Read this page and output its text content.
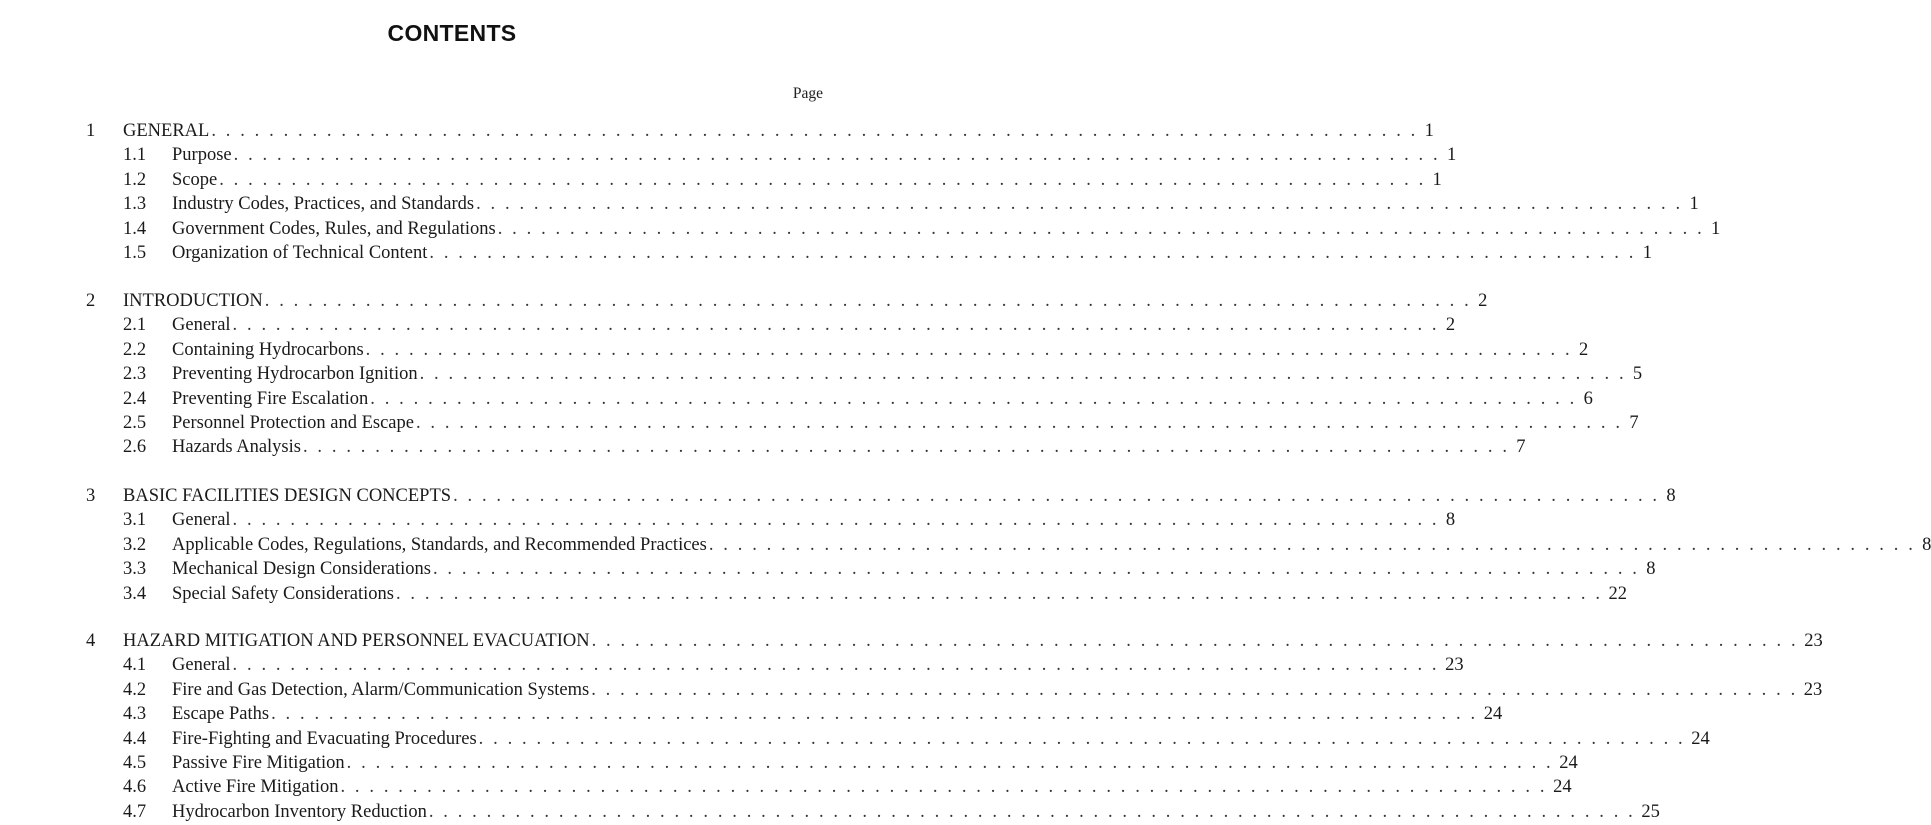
CONTENTS
Page
1 GENERAL . . . . . . . . . . . . . . . . . . . . . . . . . . . . . . . . . . . . . . . . . . . . . . . . . . . . . . . . . . . . . . . . . . . . . . . . . . . . . . . . . . . . 1
1.1 Purpose . . . . . . . . . . . . . . . . . . . . . . . . . . . . . . . . . . . . . . . . . . . . . . . . . . . . . . . . . . . . . . . . . . . . . . . . . . . . . . . . . . . . 1
1.2 Scope . . . . . . . . . . . . . . . . . . . . . . . . . . . . . . . . . . . . . . . . . . . . . . . . . . . . . . . . . . . . . . . . . . . . . . . . . . . . . . . . . . . . 1
1.3 Industry Codes, Practices, and Standards . . . . . . . . . . . . . . . . . . . . . . . . . . . . . . . . . . . . . . . . . . . . . . . . . . . . . . . . . . . . . . . . . . . . . . . . . . . . . . . . . . . . 1
1.4 Government Codes, Rules, and Regulations . . . . . . . . . . . . . . . . . . . . . . . . . . . . . . . . . . . . . . . . . . . . . . . . . . . . . . . . . . . . . . . . . . . . . . . . . . . . . . . . . . . . 1
1.5 Organization of Technical Content . . . . . . . . . . . . . . . . . . . . . . . . . . . . . . . . . . . . . . . . . . . . . . . . . . . . . . . . . . . . . . . . . . . . . . . . . . . . . . . . . . . . 1
2 INTRODUCTION . . . . . . . . . . . . . . . . . . . . . . . . . . . . . . . . . . . . . . . . . . . . . . . . . . . . . . . . . . . . . . . . . . . . . . . . . . . . . . . . . . . . 2
2.1 General . . . . . . . . . . . . . . . . . . . . . . . . . . . . . . . . . . . . . . . . . . . . . . . . . . . . . . . . . . . . . . . . . . . . . . . . . . . . . . . . . . . . 2
2.2 Containing Hydrocarbons . . . . . . . . . . . . . . . . . . . . . . . . . . . . . . . . . . . . . . . . . . . . . . . . . . . . . . . . . . . . . . . . . . . . . . . . . . . . . . . . . . . . 2
2.3 Preventing Hydrocarbon Ignition . . . . . . . . . . . . . . . . . . . . . . . . . . . . . . . . . . . . . . . . . . . . . . . . . . . . . . . . . . . . . . . . . . . . . . . . . . . . . . . . . . . . 5
2.4 Preventing Fire Escalation . . . . . . . . . . . . . . . . . . . . . . . . . . . . . . . . . . . . . . . . . . . . . . . . . . . . . . . . . . . . . . . . . . . . . . . . . . . . . . . . . . . . 6
2.5 Personnel Protection and Escape . . . . . . . . . . . . . . . . . . . . . . . . . . . . . . . . . . . . . . . . . . . . . . . . . . . . . . . . . . . . . . . . . . . . . . . . . . . . . . . . . . . . 7
2.6 Hazards Analysis . . . . . . . . . . . . . . . . . . . . . . . . . . . . . . . . . . . . . . . . . . . . . . . . . . . . . . . . . . . . . . . . . . . . . . . . . . . . . . . . . . . . 7
3 BASIC FACILITIES DESIGN CONCEPTS . . . . . . . . . . . . . . . . . . . . . . . . . . . . . . . . . . . . . . . . . . . . . . . . . . . . . . . . . . . . . . . . . . . . . . . . . . . . . . . . . . . . 8
3.1 General . . . . . . . . . . . . . . . . . . . . . . . . . . . . . . . . . . . . . . . . . . . . . . . . . . . . . . . . . . . . . . . . . . . . . . . . . . . . . . . . . . . . 8
3.2 Applicable Codes, Regulations, Standards, and Recommended Practices . . . . . . . . . . . . . . . . . . . . . . . . . . . . . . . . . . . . . . . . . . . . . . . . . . . . . . . . . . . . . . . . . . . . . . . . . . . . . . . . . . . . 8
3.3 Mechanical Design Considerations . . . . . . . . . . . . . . . . . . . . . . . . . . . . . . . . . . . . . . . . . . . . . . . . . . . . . . . . . . . . . . . . . . . . . . . . . . . . . . . . . . . . 8
3.4 Special Safety Considerations . . . . . . . . . . . . . . . . . . . . . . . . . . . . . . . . . . . . . . . . . . . . . . . . . . . . . . . . . . . . . . . . . . . . . . . . . . . . . . . . . . . . 22
4 HAZARD MITIGATION AND PERSONNEL EVACUATION . . . . . . . . . . . . . . . . . . . . . . . . . . . . . . . . . . . . . . . . . . . . . . . . . . . . . . . . . . . . . . . . . . . . . . . . . . . . . . . . . . . . 23
4.1 General . . . . . . . . . . . . . . . . . . . . . . . . . . . . . . . . . . . . . . . . . . . . . . . . . . . . . . . . . . . . . . . . . . . . . . . . . . . . . . . . . . . . 23
4.2 Fire and Gas Detection, Alarm/Communication Systems . . . . . . . . . . . . . . . . . . . . . . . . . . . . . . . . . . . . . . . . . . . . . . . . . . . . . . . . . . . . . . . . . . . . . . . . . . . . . . . . . . . . 23
4.3 Escape Paths . . . . . . . . . . . . . . . . . . . . . . . . . . . . . . . . . . . . . . . . . . . . . . . . . . . . . . . . . . . . . . . . . . . . . . . . . . . . . . . . . . . . 24
4.4 Fire-Fighting and Evacuating Procedures . . . . . . . . . . . . . . . . . . . . . . . . . . . . . . . . . . . . . . . . . . . . . . . . . . . . . . . . . . . . . . . . . . . . . . . . . . . . . . . . . . . . 24
4.5 Passive Fire Mitigation . . . . . . . . . . . . . . . . . . . . . . . . . . . . . . . . . . . . . . . . . . . . . . . . . . . . . . . . . . . . . . . . . . . . . . . . . . . . . . . . . . . . 24
4.6 Active Fire Mitigation . . . . . . . . . . . . . . . . . . . . . . . . . . . . . . . . . . . . . . . . . . . . . . . . . . . . . . . . . . . . . . . . . . . . . . . . . . . . . . . . . . . . 24
4.7 Hydrocarbon Inventory Reduction . . . . . . . . . . . . . . . . . . . . . . . . . . . . . . . . . . . . . . . . . . . . . . . . . . . . . . . . . . . . . . . . . . . . . . . . . . . . . . . . . . . . 25
